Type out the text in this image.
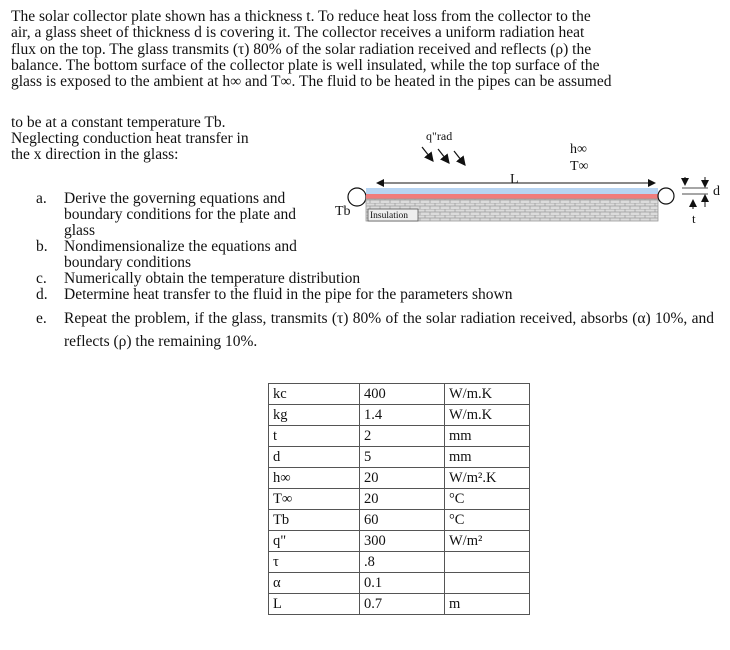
The solar collector plate shown has a thickness t. To reduce heat loss from the collector to the
air, a glass sheet of thickness d is covering it. The collector receives a uniform radiation heat
flux on the top. The glass transmits (τ) 80% of the solar radiation received and reflects (ρ) the
balance. The bottom surface of the collector plate is well insulated, while the top surface of the
glass is exposed to the ambient at h∞ and T∞. The fluid to be heated in the pipes can be assumed
to be at a constant temperature Tb.
Neglecting conduction heat transfer in
the x direction in the glass:
q"rad
h∞
T∞
L
Tb Insulation
d
t
a. Derive the governing equations and boundary conditions for the plate and glass
b. Nondimensionalize the equations and boundary conditions
c. Numerically obtain the temperature distribution
d. Determine heat transfer to the fluid in the pipe for the parameters shown
e. Repeat the problem, if the glass, transmits (τ) 80% of the solar radiation received, absorbs (α) 10%, and reflects (ρ) the remaining 10%.
kc	400	W/m.K
kg	1.4	W/m.K
t	2	mm
d	5	mm
h∞	20	W/m².K
T∞	20	°C
Tb	60	°C
q"	300	W/m²
τ	.8	
α	0.1	
L	0.7	m
